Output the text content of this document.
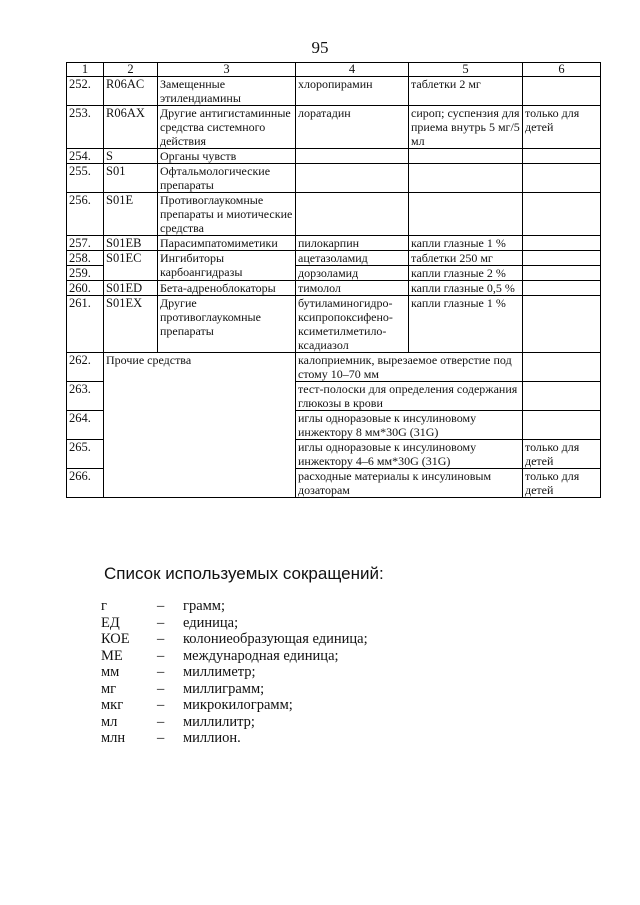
95
1	2	3	4	5	6
252.	R06AC	Замещенные этилендиамины	хлоропирамин	таблетки 2 мг	
253.	R06AX	Другие антигистаминные средства системного действия	лоратадин	сироп; суспензия для приема внутрь 5 мг/5 мл	только для детей
254.	S	Органы чувств			
255.	S01	Офтальмологические препараты			
256.	S01E	Противоглаукомные препараты и миотические средства			
257.	S01EB	Парасимпатомиметики	пилокарпин	капли глазные 1 %	
258.	S01EC	Ингибиторы карбоангидразы	ацетазоламид	таблетки 250 мг	
259.			дорзоламид	капли глазные 2 %	
260.	S01ED	Бета-адреноблокаторы	тимолол	капли глазные 0,5 %	
261.	S01EX	Другие противоглаукомные препараты	бутиламиногидро-ксипропоксифено-ксиметилметило-ксадиазол	капли глазные 1 %	
262.	Прочие средства		калоприемник, вырезаемое отверстие под стому 10–70 мм		
263.			тест-полоски для определения содержания глюкозы в крови		
264.			иглы одноразовые к инсулиновому инжектору 8 мм*30G (31G)		
265.			иглы одноразовые к инсулиновому инжектору 4–6 мм*30G (31G)		только для детей
266.			расходные материалы к инсулиновым дозаторам		только для детей
Список используемых сокращений:
г	–	грамм;
ЕД	–	единица;
КОЕ	–	колониеобразующая единица;
МЕ	–	международная единица;
мм	–	миллиметр;
мг	–	миллиграмм;
мкг	–	микрокилограмм;
мл	–	миллилитр;
млн	–	миллион.
